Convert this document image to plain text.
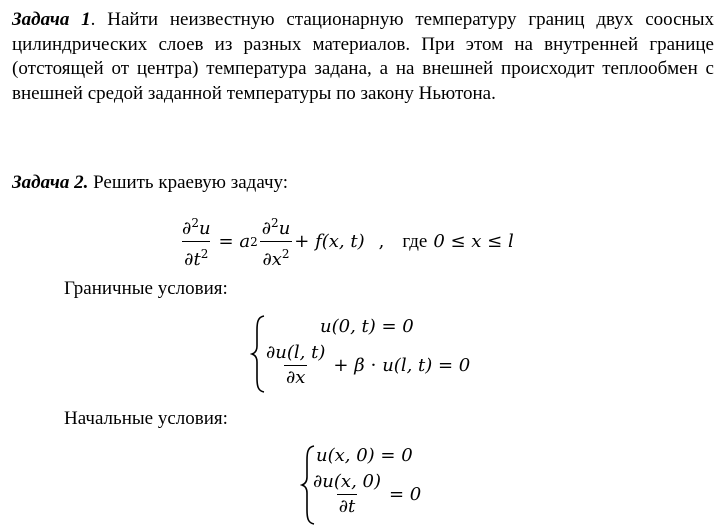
Задача 1. Найти неизвестную стационарную температуру границ двух соосных цилиндрических слоев из разных материалов. При этом на внутренней границе (отстоящей от центра) температура задана, а на внешней происходит теплообмен с внешней средой заданной температуры по закону Ньютона.
Задача 2. Решить краевую задачу:
$\frac{\partial^2u}{\partial t^2} = a$ $2 \frac{\partial^2u}{\partial x^2} + f(x$, t) , где 0 ≤ x ≤ l
Граничные условия:
u(0, t) = 0
$\frac{\partial u(l, t)}{\partial x} + \beta \cdot u(l$, t) = 0
Начальные условия:
u(x, 0) = 0
$\frac{\partial u(x, 0)}{\partial t} = 0$
